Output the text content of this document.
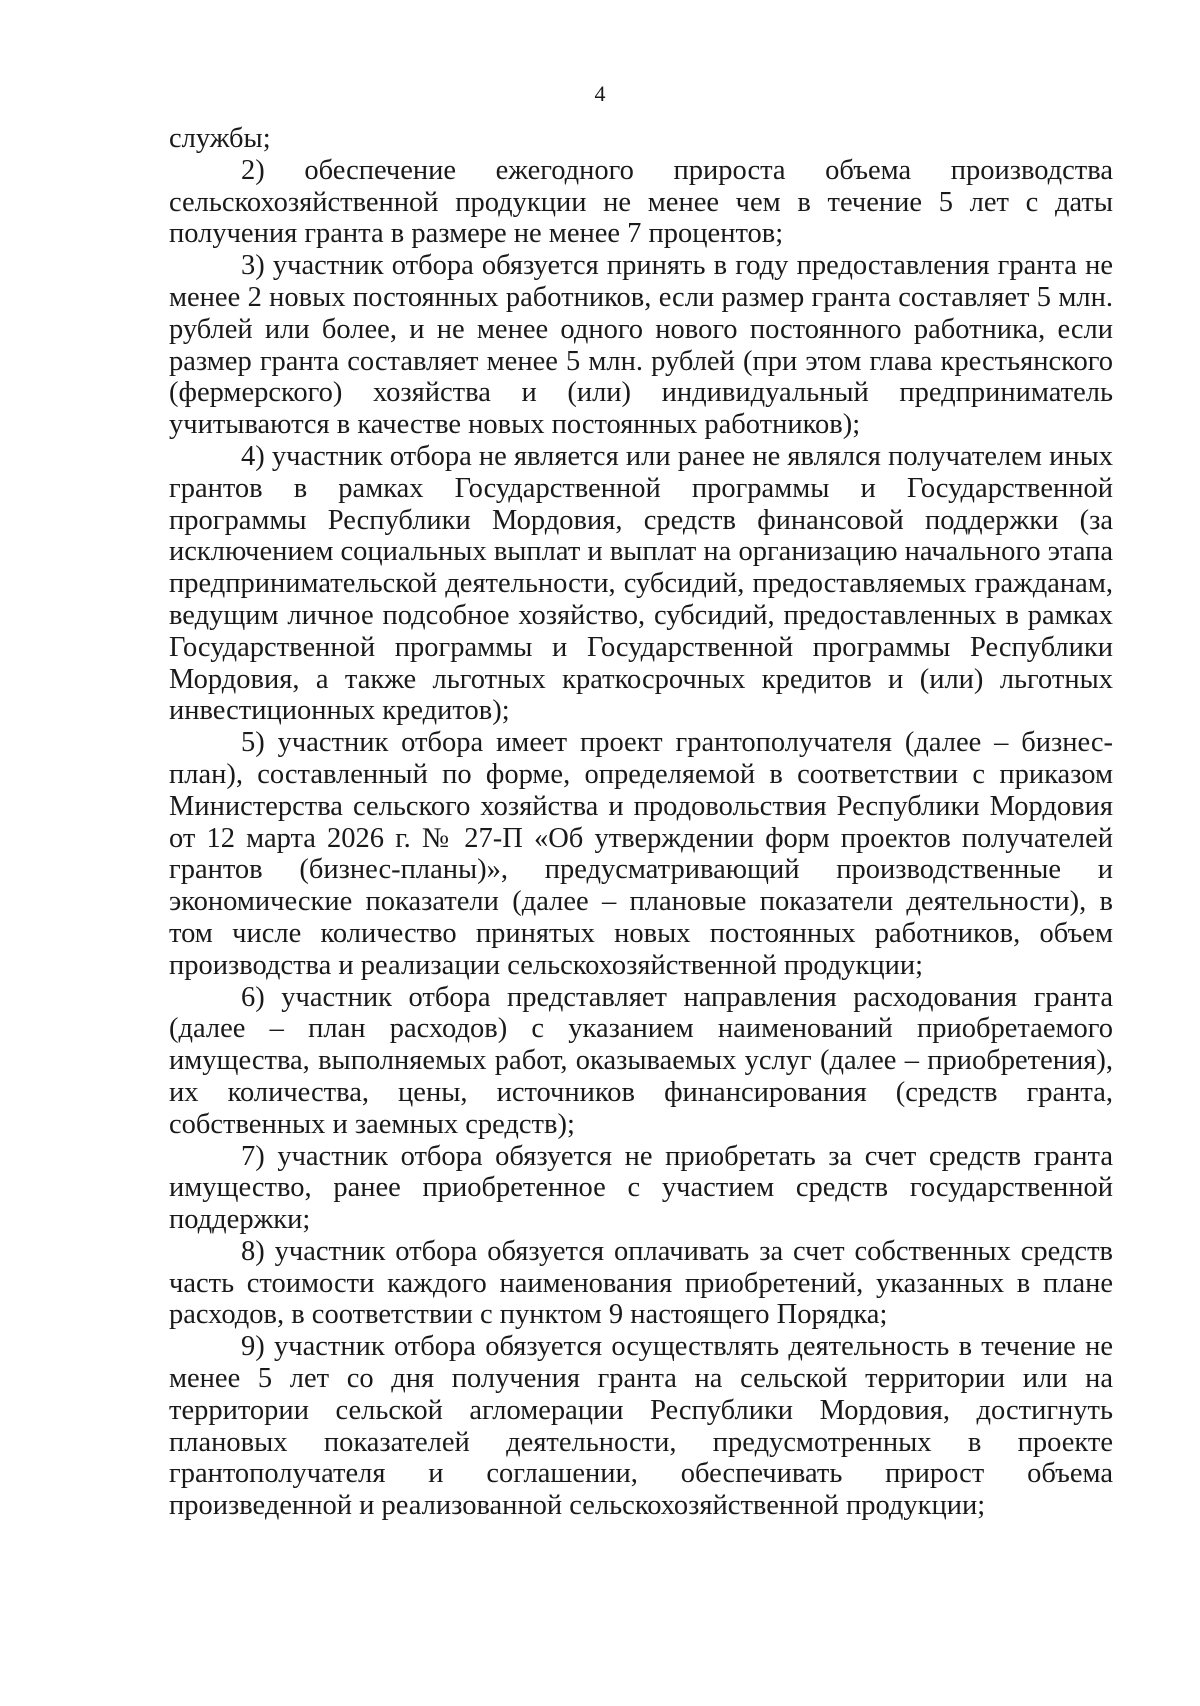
4

службы;

2) обеспечение ежегодного прироста объема производства сельскохозяйственной продукции не менее чем в течение 5 лет с даты получения гранта в размере не менее 7 процентов;

3) участник отбора обязуется принять в году предоставления гранта не менее 2 новых постоянных работников, если размер гранта составляет 5 млн. рублей или более, и не менее одного нового постоянного работника, если размер гранта составляет менее 5 млн. рублей (при этом глава крестьянского (фермерского) хозяйства и (или) индивидуальный предприниматель учитываются в качестве новых постоянных работников);

4) участник отбора не является или ранее не являлся получателем иных грантов в рамках Государственной программы и Государственной программы Республики Мордовия, средств финансовой поддержки (за исключением социальных выплат и выплат на организацию начального этапа предпринимательской деятельности, субсидий, предоставляемых гражданам, ведущим личное подсобное хозяйство, субсидий, предоставленных в рамках Государственной программы и Государственной программы Республики Мордовия, а также льготных краткосрочных кредитов и (или) льготных инвестиционных кредитов);

5) участник отбора имеет проект грантополучателя (далее – бизнес-план), составленный по форме, определяемой в соответствии с приказом Министерства сельского хозяйства и продовольствия Республики Мордовия от 12 марта 2026 г. № 27-П «Об утверждении форм проектов получателей грантов (бизнес-планы)», предусматривающий производственные и экономические показатели (далее – плановые показатели деятельности), в том числе количество принятых новых постоянных работников, объем производства и реализации сельскохозяйственной продукции;

6) участник отбора представляет направления расходования гранта (далее – план расходов) с указанием наименований приобретаемого имущества, выполняемых работ, оказываемых услуг (далее – приобретения), их количества, цены, источников финансирования (средств гранта, собственных и заемных средств);

7) участник отбора обязуется не приобретать за счет средств гранта имущество, ранее приобретенное с участием средств государственной поддержки;

8) участник отбора обязуется оплачивать за счет собственных средств часть стоимости каждого наименования приобретений, указанных в плане расходов, в соответствии с пунктом 9 настоящего Порядка;

9) участник отбора обязуется осуществлять деятельность в течение не менее 5 лет со дня получения гранта на сельской территории или на территории сельской агломерации Республики Мордовия, достигнуть плановых показателей деятельности, предусмотренных в проекте грантополучателя и соглашении, обеспечивать прирост объема произведенной и реализованной сельскохозяйственной продукции;
